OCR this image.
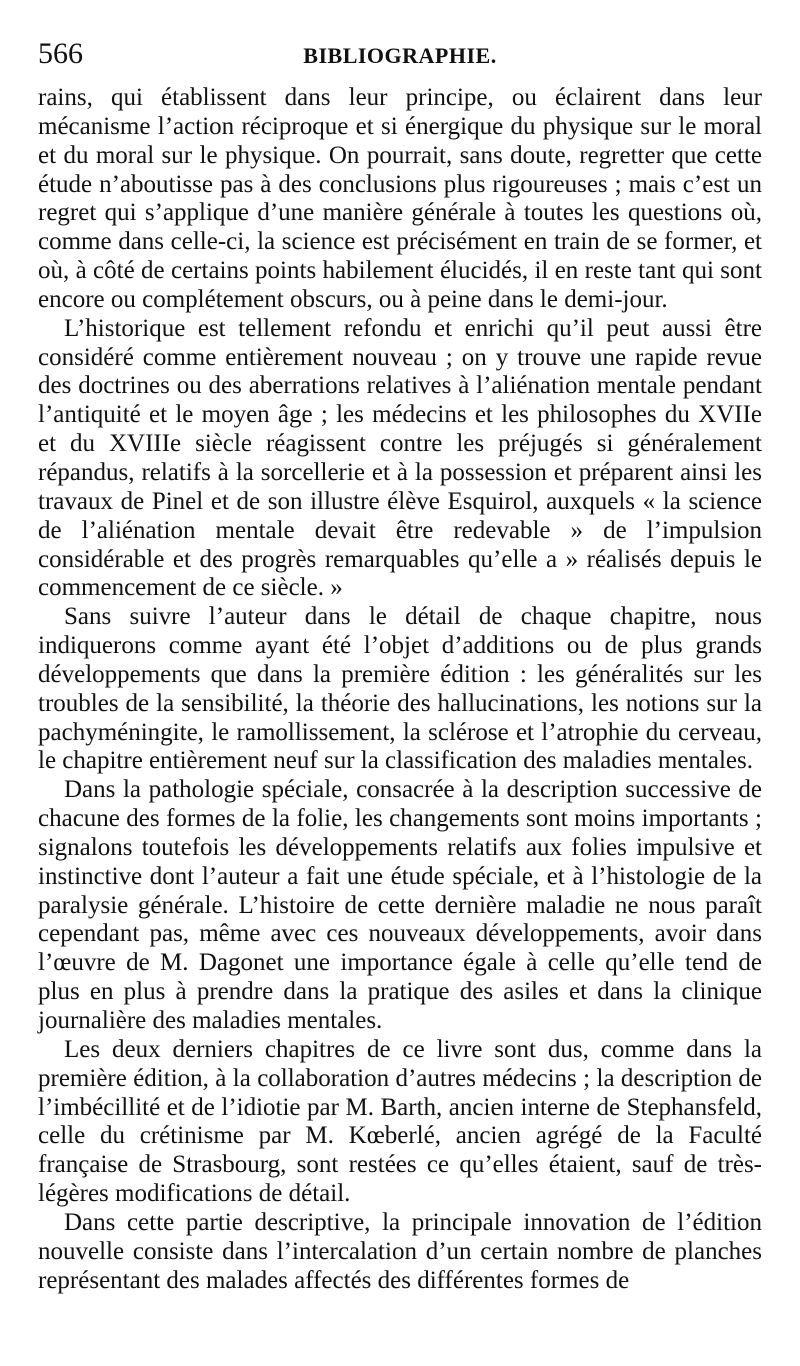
566	BIBLIOGRAPHIE.

rains, qui établissent dans leur principe, ou éclairent dans leur mécanisme l’action réciproque et si énergique du physique sur le moral et du moral sur le physique. On pourrait, sans doute, regretter que cette étude n’aboutisse pas à des conclusions plus rigoureuses ; mais c’est un regret qui s’applique d’une manière générale à toutes les questions où, comme dans celle-ci, la science est précisément en train de se former, et où, à côté de certains points habilement élucidés, il en reste tant qui sont encore ou complétement obscurs, ou à peine dans le demi-jour.

L’historique est tellement refondu et enrichi qu’il peut aussi être considéré comme entièrement nouveau ; on y trouve une rapide revue des doctrines ou des aberrations relatives à l’aliénation mentale pendant l’antiquité et le moyen âge ; les médecins et les philosophes du XVIIe et du XVIIIe siècle réagissent contre les préjugés si généralement répandus, relatifs à la sorcellerie et à la possession et préparent ainsi les travaux de Pinel et de son illustre élève Esquirol, auxquels « la science de l’aliénation mentale devait être redevable » de l’impulsion considérable et des progrès remarquables qu’elle a » réalisés depuis le commencement de ce siècle. »

Sans suivre l’auteur dans le détail de chaque chapitre, nous indiquerons comme ayant été l’objet d’additions ou de plus grands développements que dans la première édition : les généralités sur les troubles de la sensibilité, la théorie des hallucinations, les notions sur la pachyméningite, le ramollissement, la sclérose et l’atrophie du cerveau, le chapitre entièrement neuf sur la classification des maladies mentales.

Dans la pathologie spéciale, consacrée à la description successive de chacune des formes de la folie, les changements sont moins importants ; signalons toutefois les développements relatifs aux folies impulsive et instinctive dont l’auteur a fait une étude spéciale, et à l’histologie de la paralysie générale. L’histoire de cette dernière maladie ne nous paraît cependant pas, même avec ces nouveaux développements, avoir dans l’œuvre de M. Dagonet une importance égale à celle qu’elle tend de plus en plus à prendre dans la pratique des asiles et dans la clinique journalière des maladies mentales.

Les deux derniers chapitres de ce livre sont dus, comme dans la première édition, à la collaboration d’autres médecins ; la description de l’imbécillité et de l’idiotie par M. Barth, ancien interne de Stephansfeld, celle du crétinisme par M. Kœberlé, ancien agrégé de la Faculté française de Strasbourg, sont restées ce qu’elles étaient, sauf de très-légères modifications de détail.

Dans cette partie descriptive, la principale innovation de l’édition nouvelle consiste dans l’intercalation d’un certain nombre de planches représentant des malades affectés des différentes formes de
